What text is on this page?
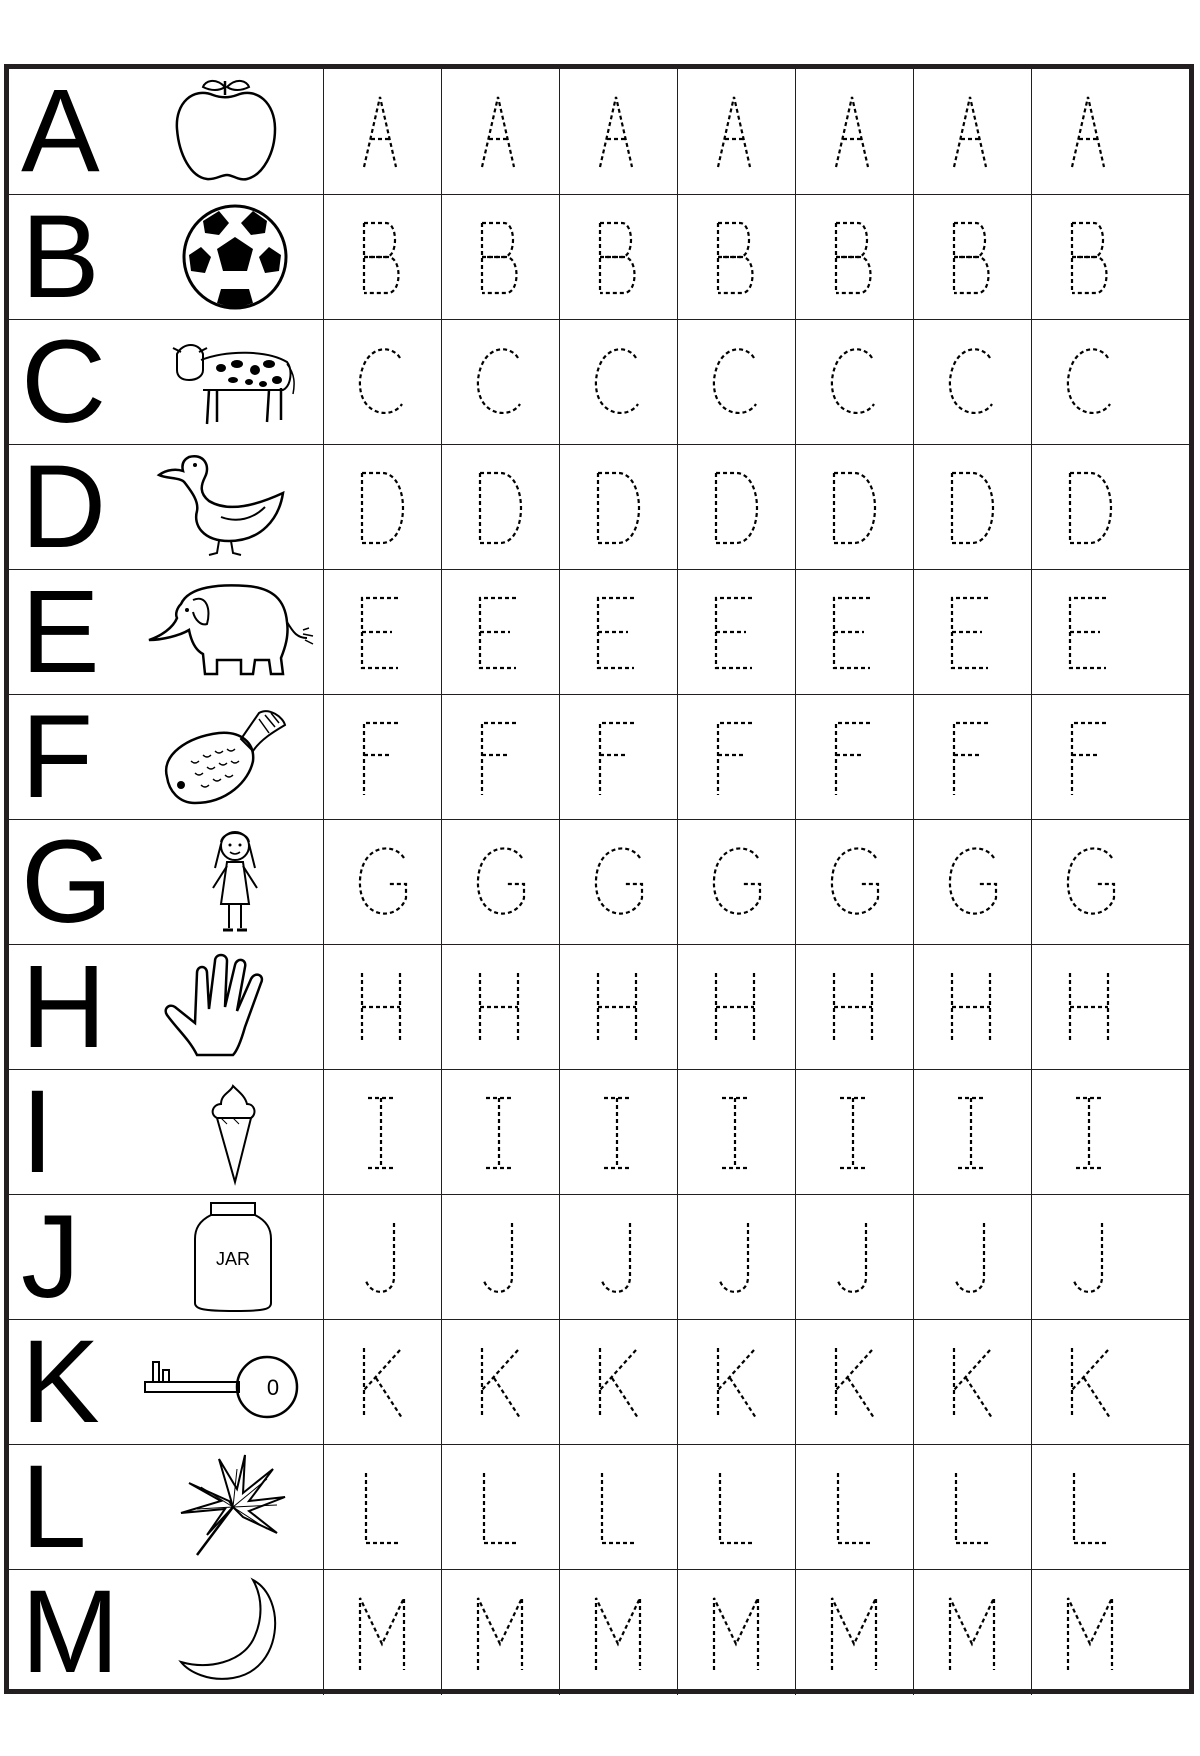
A
B
C
D
E
F
G
H
I
J	JAR
K	0
L
M
